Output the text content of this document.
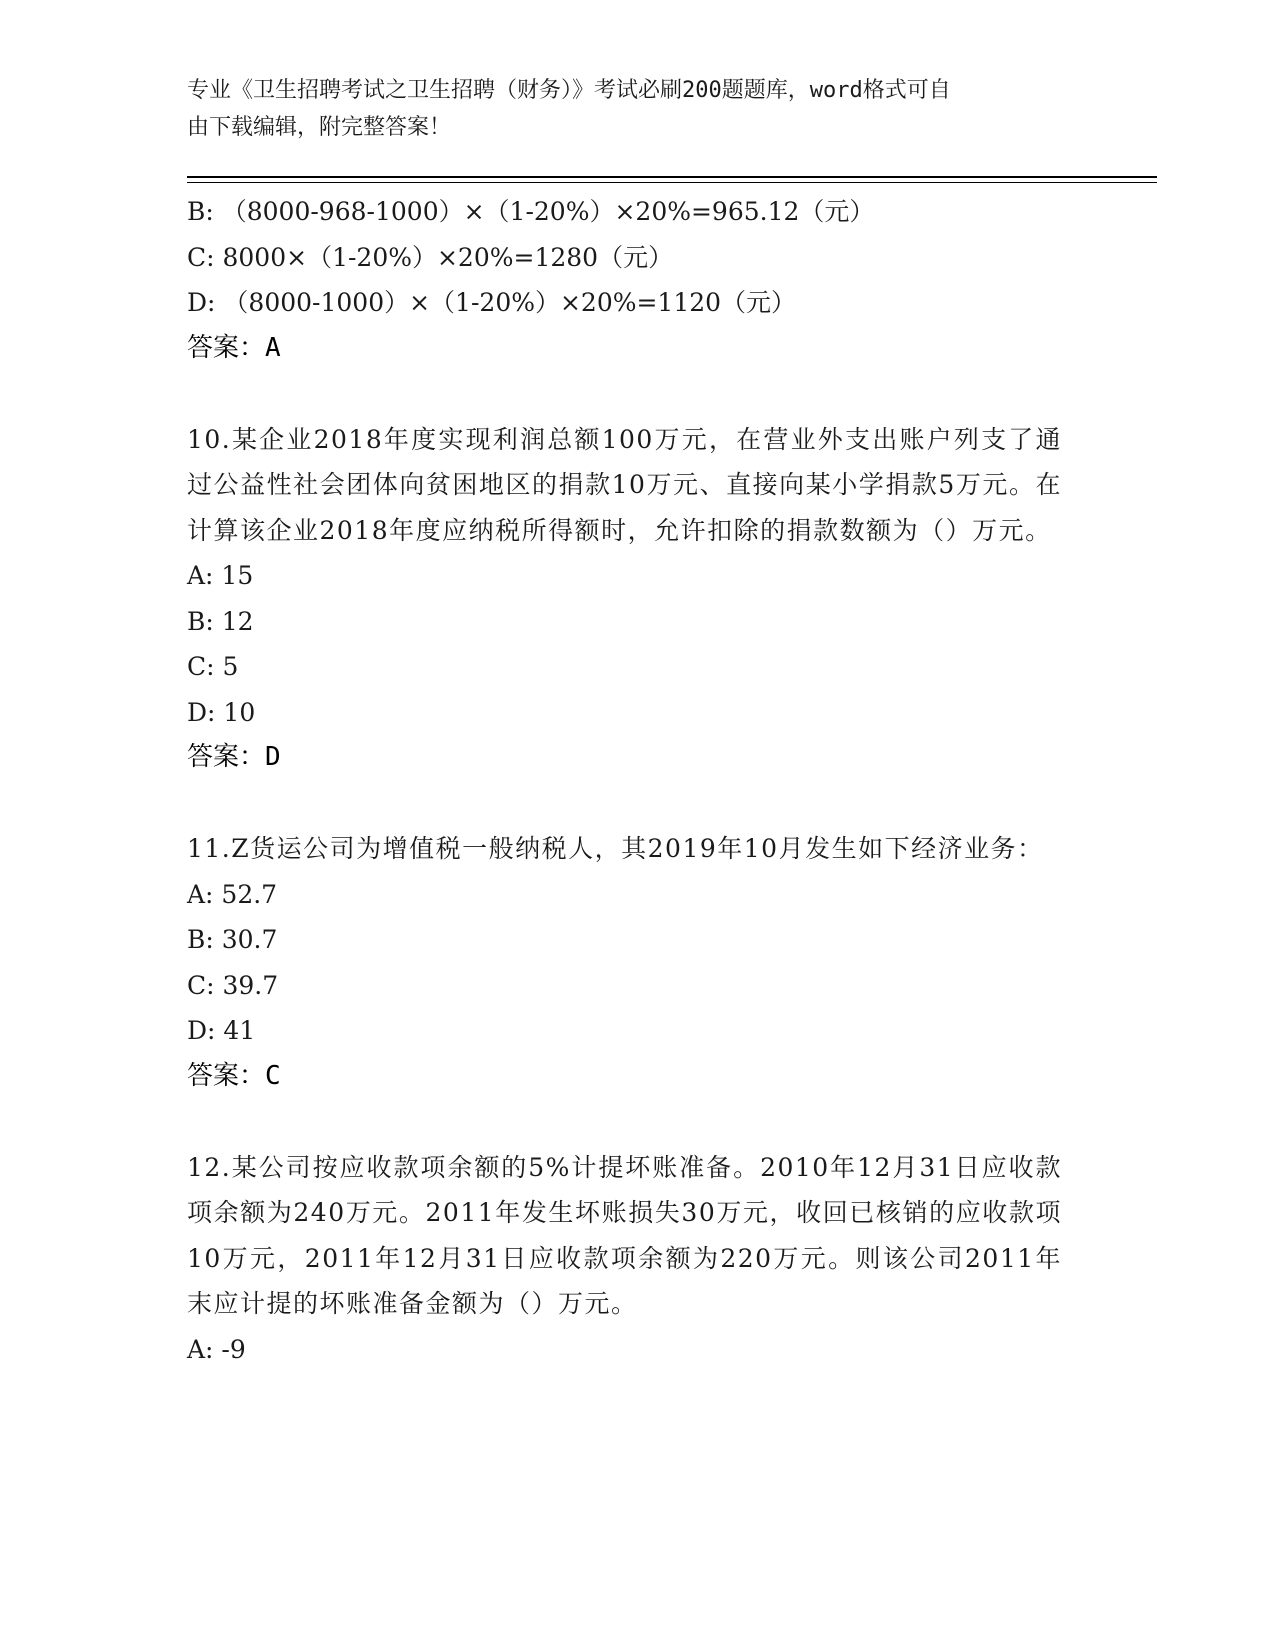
专业《卫生招聘考试之卫生招聘（财务）》考试必刷200题题库，word格式可自
由下载编辑，附完整答案！
B: （8000-968-1000）×（1-20%）×20%=965.12（元）
C: 8000×（1-20%）×20%=1280（元）
D: （8000-1000）×（1-20%）×20%=1120（元）
答案：A
10.某企业2018年度实现利润总额100万元，在营业外支出账户列支了通过公益性社会团体向贫困地区的捐款10万元、直接向某小学捐款5万元。在计算该企业2018年度应纳税所得额时，允许扣除的捐款数额为（）万元。
A: 15
B: 12
C: 5
D: 10
答案：D
11.Z货运公司为增值税一般纳税人，其2019年10月发生如下经济业务：
A: 52.7
B: 30.7
C: 39.7
D: 41
答案：C
12.某公司按应收款项余额的5%计提坏账准备。2010年12月31日应收款项余额为240万元。2011年发生坏账损失30万元，收回已核销的应收款项10万元，2011年12月31日应收款项余额为220万元。则该公司2011年末应计提的坏账准备金额为（）万元。
A: -9
